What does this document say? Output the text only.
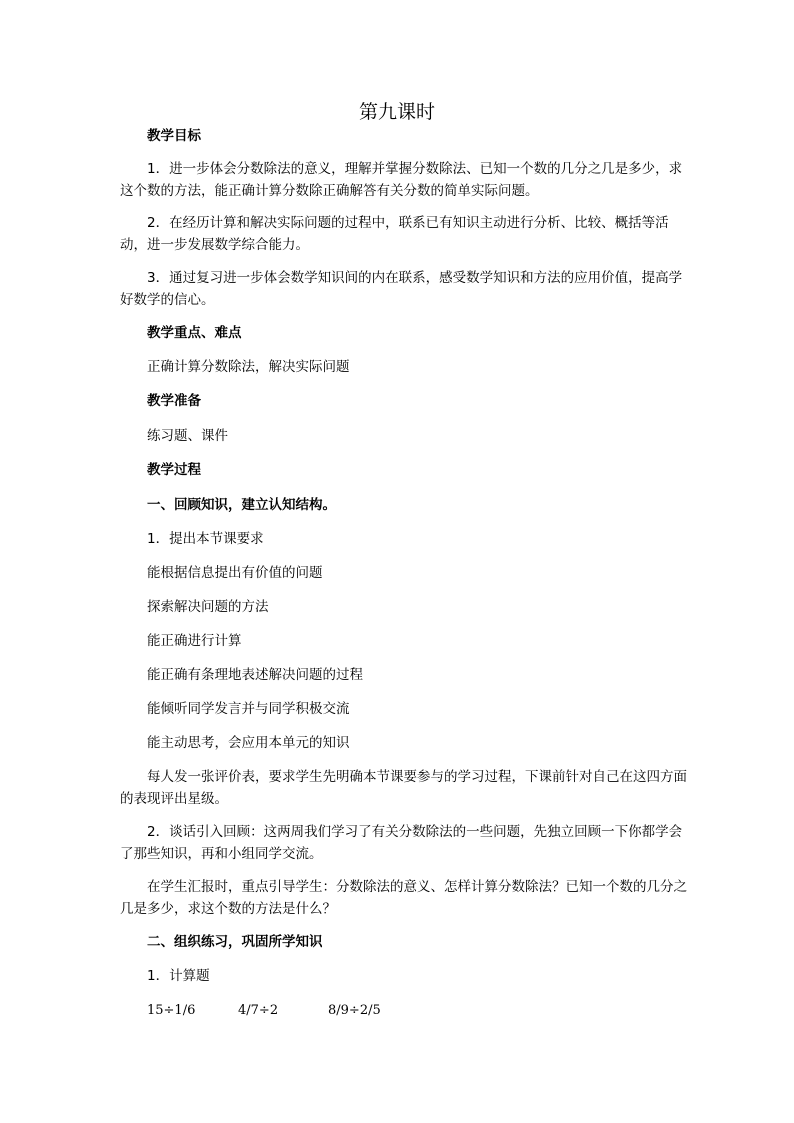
第九课时
教学目标

1．进一步体会分数除法的意义，理解并掌握分数除法、已知一个数的几分之几是多少，求这个数的方法，能正确计算分数除正确解答有关分数的简单实际问题。

2．在经历计算和解决实际问题的过程中，联系已有知识主动进行分析、比较、概括等活动，进一步发展数学综合能力。

3．通过复习进一步体会数学知识间的内在联系，感受数学知识和方法的应用价值，提高学好数学的信心。

教学重点、难点
正确计算分数除法，解决实际问题
教学准备
练习题、课件
教学过程
一、回顾知识，建立认知结构。
1．提出本节课要求
能根据信息提出有价值的问题
探索解决问题的方法
能正确进行计算
能正确有条理地表述解决问题的过程
能倾听同学发言并与同学积极交流
能主动思考，会应用本单元的知识

每人发一张评价表，要求学生先明确本节课要参与的学习过程，下课前针对自己在这四方面的表现评出星级。

2．谈话引入回顾：这两周我们学习了有关分数除法的一些问题，先独立回顾一下你都学会了那些知识，再和小组同学交流。

在学生汇报时，重点引导学生：分数除法的意义、怎样计算分数除法？已知一个数的几分之几是多少，求这个数的方法是什么？

二、组织练习，巩固所学知识
1．计算题
15÷1/6	4/7÷2	8/9÷2/5
